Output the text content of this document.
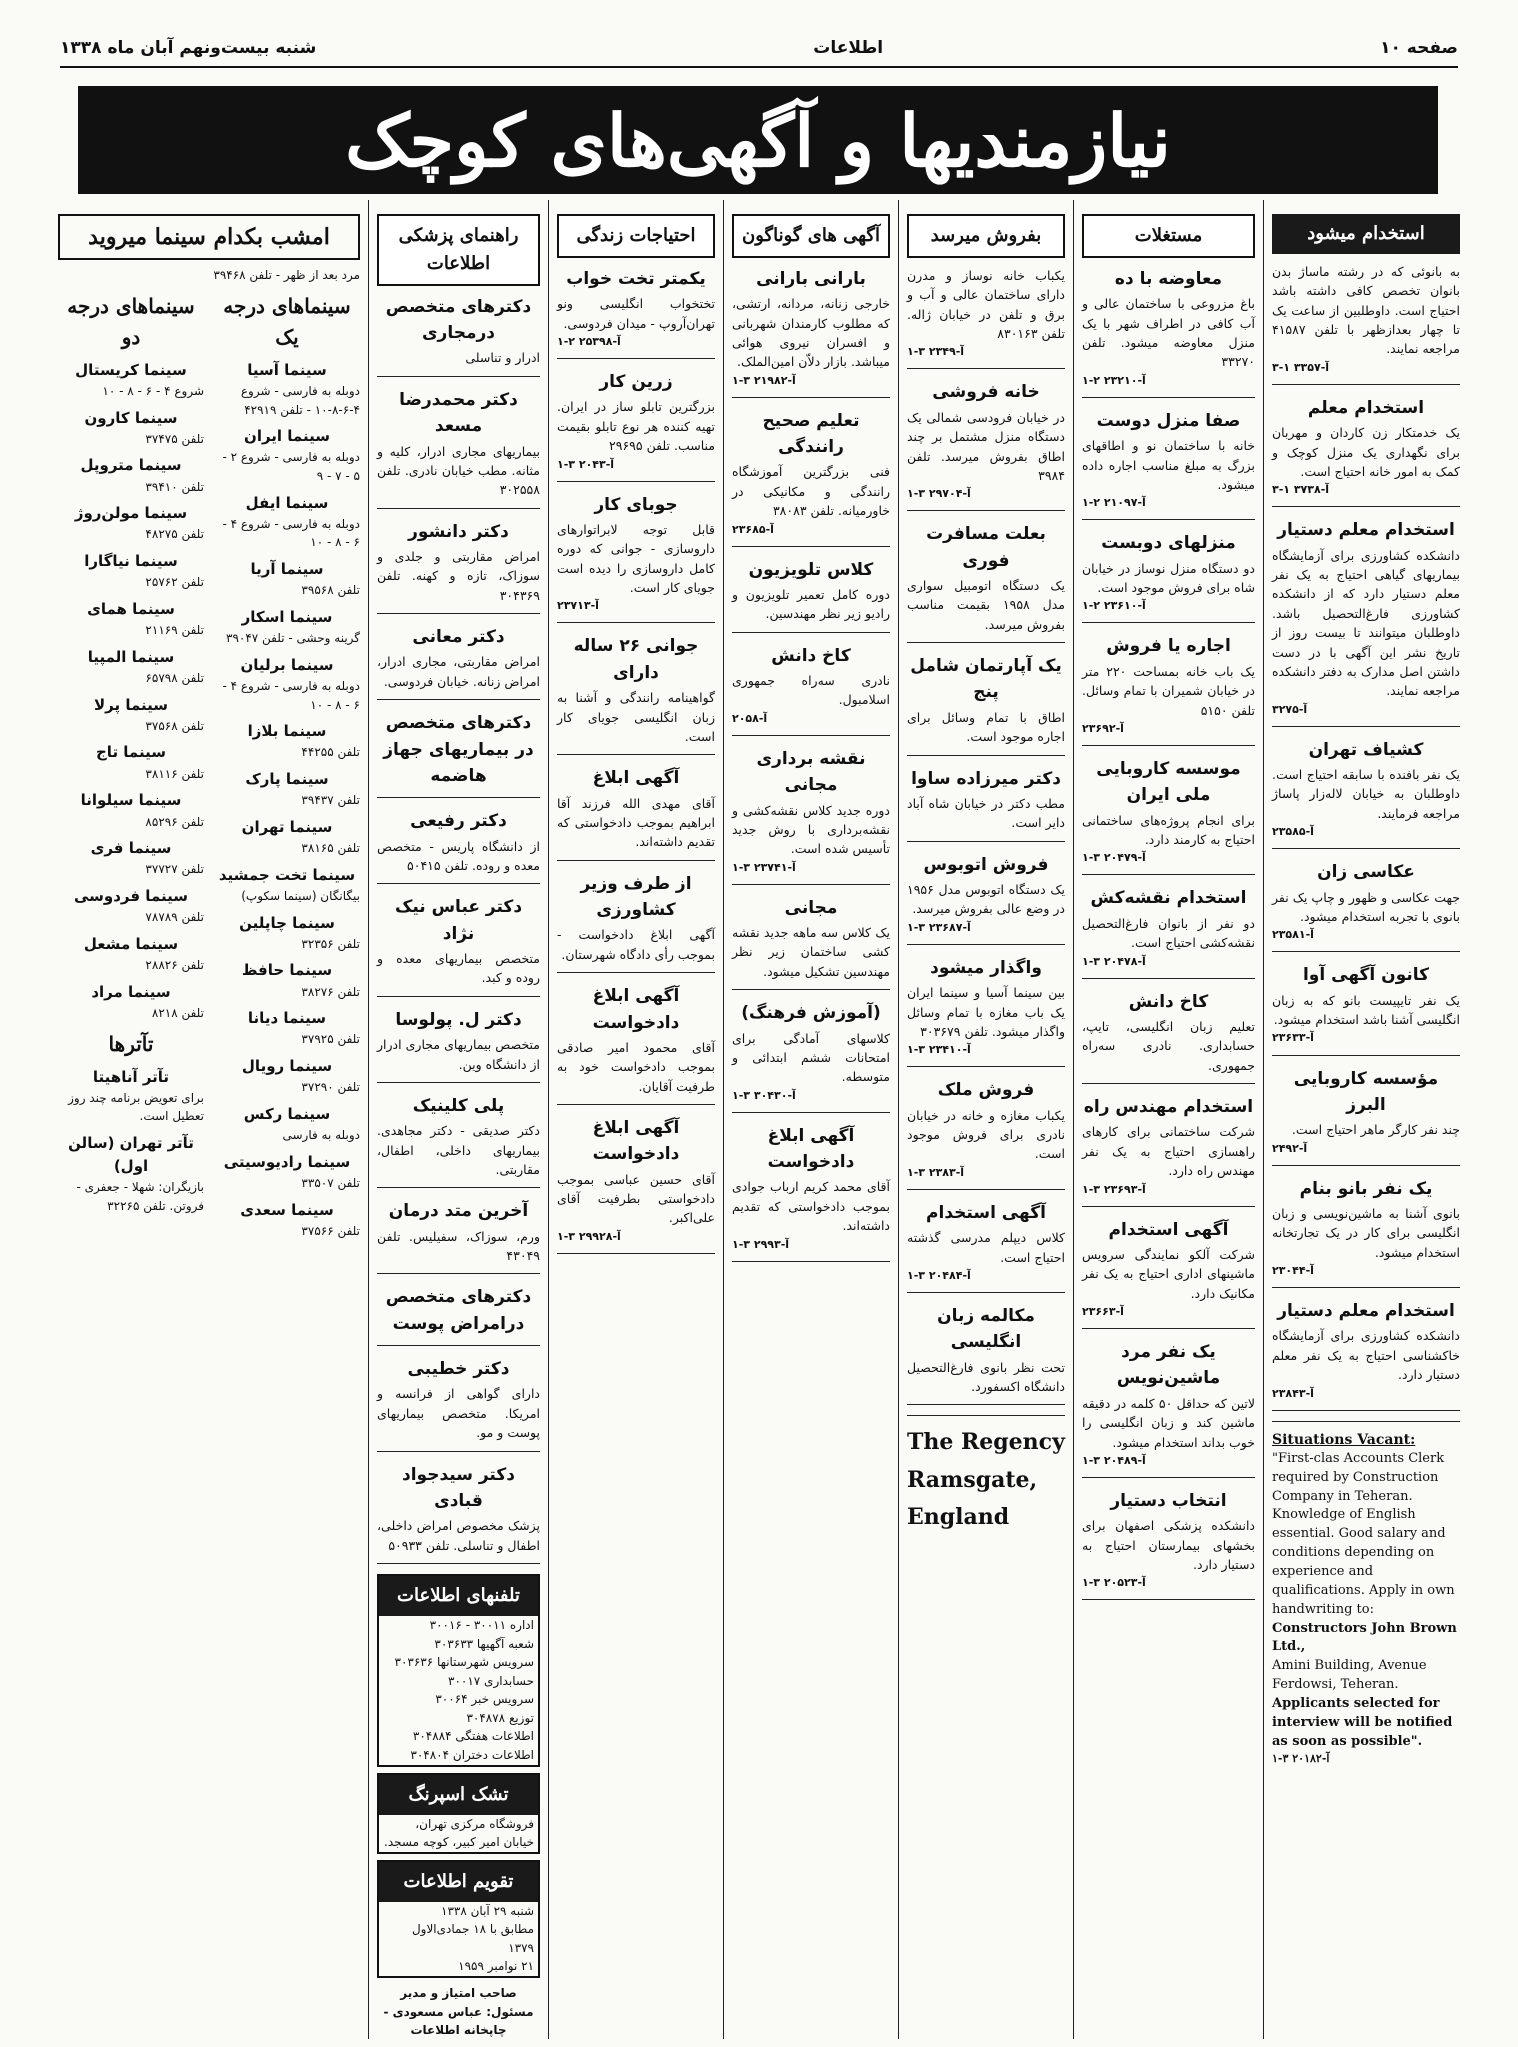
صفحه ۱۰
اطلاعات
شنبه بیست‌ونهم آبان ماه ۱۳۳۸
نیازمندیها و آگهی‌های کوچک
استخدام میشود
به بانوئی که در رشته ماساژ بدن بانوان تخصص کافی داشته باشد احتیاج است. داوطلبین از ساعت یک تا چهار بعدازظهر با تلفن ۴۱۵۸۷ مراجعه نمایند.
۳-۱ آ-۳۳۵۷
استخدام معلم
یک خدمتکار زن کاردان و مهربان برای نگهداری یک منزل کوچک و کمک به امور خانه احتیاج است.
۳-۱ آ-۳۷۳۸
استخدام معلم دستیار
دانشکده کشاورزی برای آزمایشگاه بیماریهای گیاهی احتیاج به یک نفر معلم دستیار دارد که از دانشکده کشاورزی فارغ‌التحصیل باشد. داوطلبان میتوانند تا بیست روز از تاریخ نشر این آگهی با در دست داشتن اصل مدارک به دفتر دانشکده مراجعه نمایند.
آ-۳۲۷۵
کشیاف تهران
یک نفر بافنده با سابقه احتیاج است. داوطلبان به خیابان لاله‌زار پاساژ مراجعه فرمایند.
آ-۲۳۵۸۵
عکاسی زان
جهت عکاسی و ظهور و چاپ یک نفر بانوی با تجربه استخدام میشود.
آ-۲۳۵۸۱
کانون آگهی آوا
یک نفر تایپیست بانو که به زبان انگلیسی آشنا باشد استخدام میشود.
آ-۲۳۶۳۳
مؤسسه کاروبایی البرز
چند نفر کارگر ماهر احتیاج است.
آ-۲۴۹۲
یک نفر بانو بنام
بانوی آشنا به ماشین‌نویسی و زبان انگلیسی برای کار در یک تجارتخانه استخدام میشود.
آ-۲۳۰۴۴
استخدام معلم دستیار
دانشکده کشاورزی برای آزمایشگاه خاکشناسی احتیاج به یک نفر معلم دستیار دارد.
آ-۲۳۸۴۳
Situations Vacant:
"First-clas Accounts Clerk required by Construction Company in Teheran. Knowledge of English essential. Good salary and conditions depending on experience and qualifications. Apply in own handwriting to:
Constructors John Brown Ltd.,
Amini Building, Avenue Ferdowsi, Teheran.
Applicants selected for interview will be notified as soon as possible".
آ-۲۰۱۸۲ ۳-۱
مستغلات
معاوضه با ده
باغ مزروعی با ساختمان عالی و آب کافی در اطراف شهر با یک منزل معاوضه میشود. تلفن ۳۳۲۷۰
آ-۲۳۲۱۰ ۲-۱
صفا منزل دوست
خانه با ساختمان نو و اطاقهای بزرگ به مبلغ مناسب اجاره داده میشود.
آ-۲۱۰۹۷ ۲-۱
منزلهای دوبست
دو دستگاه منزل نوساز در خیابان شاه برای فروش موجود است.
آ-۲۳۶۱۰ ۲-۱
اجاره یا فروش
یک باب خانه بمساحت ۲۲۰ متر در خیابان شمیران با تمام وسائل. تلفن ۵۱۵۰
آ-۲۳۶۹۲
موسسه کاروبایی ملی ایران
برای انجام پروژه‌های ساختمانی احتیاج به کارمند دارد.
آ-۲۰۴۷۹ ۳-۱
استخدام نقشه‌کش
دو نفر از بانوان فارغ‌التحصیل نقشه‌کشی احتیاج است.
آ-۲۰۴۷۸ ۳-۱
کاخ دانش
تعلیم زبان انگلیسی، تایپ، حسابداری. نادری سه‌راه جمهوری.
استخدام مهندس راه
شرکت ساختمانی برای کارهای راهسازی احتیاج به یک نفر مهندس راه دارد.
آ-۲۳۶۹۳ ۳-۱
آگهی استخدام
شرکت آلکو نمایندگی سرویس ماشینهای اداری احتیاج به یک نفر مکانیک دارد.
آ-۲۳۶۶۳
یک نفر مرد ماشین‌نویس
لاتین که حداقل ۵۰ کلمه در دقیقه ماشین کند و زبان انگلیسی را خوب بداند استخدام میشود.
آ-۲۰۴۸۹ ۳-۱
انتخاب دستیار
دانشکده پزشکی اصفهان برای بخشهای بیمارستان احتیاج به دستیار دارد.
آ-۲۰۵۲۳ ۳-۱
بفروش میرسد
یکباب خانه نوساز و مدرن دارای ساختمان عالی و آب و برق و تلفن در خیابان ژاله. تلفن ۸۳۰۱۶۳
آ-۲۳۴۹ ۳-۱
خانه فروشی
در خیابان فرودسی شمالی یک دستگاه منزل مشتمل بر چند اطاق بفروش میرسد. تلفن ۳۹۸۴
آ-۲۹۷۰۴ ۳-۱
بعلت مسافرت فوری
یک دستگاه اتومبیل سواری مدل ۱۹۵۸ بقیمت مناسب بفروش میرسد.
یک آپارتمان شامل پنج
اطاق با تمام وسائل برای اجاره موجود است.
دکتر میرزاده ساوا
مطب دکتر در خیابان شاه آباد دایر است.
فروش اتوبوس
یک دستگاه اتوبوس مدل ۱۹۵۶ در وضع عالی بفروش میرسد.
آ-۲۳۶۸۷ ۳-۱
واگذار میشود
بین سینما آسیا و سینما ایران یک باب مغازه با تمام وسائل واگذار میشود. تلفن ۳۰۳۶۷۹
آ-۲۳۴۱۰ ۳-۱
فروش ملک
یکباب مغازه و خانه در خیابان نادری برای فروش موجود است.
آ-۲۳۸۳ ۳-۱
آگهی استخدام
کلاس دیپلم مدرسی گذشته احتیاج است.
آ-۲۰۴۸۴ ۳-۱
مکالمه زبان انگلیسی
تحت نظر بانوی فارغ‌التحصیل دانشگاه اکسفورد.
The Regency
Ramsgate,
England
آگهی های گوناگون
بارانی بارانی
خارجی زنانه، مردانه، ارتشی، که مطلوب کارمندان شهربانی و افسران نیروی هوائی میباشد. بازار دلاّن امین‌الملک.
آ-۲۱۹۸۲ ۳-۱
تعلیم صحیح رانندگی
فنی بزرگترین آموزشگاه رانندگی و مکانیکی در خاورمیانه. تلفن ۳۸۰۸۳
آ-۲۳۶۸۵
کلاس تلویزیون
دوره کامل تعمیر تلویزیون و رادیو زیر نظر مهندسین.
کاخ دانش
نادری سه‌راه جمهوری اسلامبول.
آ-۲۰۵۸
نقشه برداری مجانی
دوره جدید کلاس نقشه‌کشی و نقشه‌برداری با روش جدید تأسیس شده است.
آ-۲۳۷۴۱ ۳-۱
مجانی
یک کلاس سه ماهه جدید نقشه کشی ساختمان زیر نظر مهندسین تشکیل میشود.
(آموزش فرهنگ)
کلاسهای آمادگی برای امتحانات ششم ابتدائی و متوسطه.
آ-۳۰۴۳۰ ۳-۱
آگهی ابلاغ دادخواست
آقای محمد کریم ارباب جوادی بموجب دادخواستی که تقدیم داشته‌اند.
آ-۲۹۹۳ ۳-۱
احتیاجات زندگی
یکمتر تخت خواب
تختخواب انگلیسی ونو تهران‌آروپ - میدان فردوسی.
آ-۲۵۳۹۸ ۲-۱
زرین کار
بزرگترین تابلو ساز در ایران. تهیه کننده هر نوع تابلو بقیمت مناسب. تلفن ۲۹۶۹۵
آ-۲۰۴۳ ۳-۱
جوبای کار
قابل توجه لابراتوارهای داروسازی - جوانی که دوره کامل داروسازی را دیده است جویای کار است.
آ-۲۳۷۱۳
جوانی ۲۶ ساله دارای
گواهینامه رانندگی و آشنا به زبان انگلیسی جویای کار است.
آگهی ابلاغ
آقای مهدی الله فرزند آقا ابراهیم بموجب دادخواستی که تقدیم داشته‌اند.
از طرف وزیر کشاورزی
آگهی ابلاغ دادخواست - بموجب رأی دادگاه شهرستان.
آگهی ابلاغ دادخواست
آقای محمود امیر صادقی بموجب دادخواست خود به طرفیت آقایان.
آگهی ابلاغ دادخواست
آقای حسین عباسی بموجب دادخواستی بطرفیت آقای علی‌اکبر.
آ-۲۹۹۲۸ ۳-۱
راهنمای پزشکی اطلاعات
دکترهای متخصص درمجاری
ادرار و تناسلی
دکتر محمدرضا مسعد
بیماریهای مجاری ادرار، کلیه و مثانه. مطب خیابان نادری. تلفن ۳۰۲۵۵۸
دکتر دانشور
امراض مقاربتی و جلدی و سوزاک، تازه و کهنه. تلفن ۳۰۴۳۶۹
دکتر معانی
امراض مقاربتی، مجاری ادرار، امراض زنانه. خیابان فردوسی.
دکترهای متخصص در بیماریهای جهاز هاضمه
دکتر رفیعی
از دانشگاه پاریس - متخصص معده و روده. تلفن ۵۰۴۱۵
دکتر عباس نیک نژاد
متخصص بیماریهای معده و روده و کبد.
دکتر ل. پولوسا
متخصص بیماریهای مجاری ادرار از دانشگاه وین.
پلی کلینیک
دکتر صدیقی - دکتر مجاهدی. بیماریهای داخلی، اطفال، مقاربتی.
آخرین متد درمان
ورم، سوزاک، سفیلیس. تلفن ۴۳۰۴۹
دکترهای متخصص درامراض پوست
دکتر خطیبی
دارای گواهی از فرانسه و امریکا. متخصص بیماریهای پوست و مو.
دکتر سیدجواد قبادی
پزشک مخصوص امراض داخلی، اطفال و تناسلی. تلفن ۵۰۹۳۳
تلفنهای اطلاعات
اداره ۳۰۰۱۱ - ۳۰۰۱۶
شعبه آگهیها ۳۰۳۶۳۳
سرویس شهرستانها ۳۰۳۶۳۶
حسابداری ۳۰۰۱۷
سرویس خبر ۳۰۰۶۴
توزیع ۳۰۴۸۷۸
اطلاعات هفتگی ۳۰۴۸۸۴
اطلاعات دختران ۳۰۴۸۰۴
تشک اسپرنگ
فروشگاه مرکزی تهران، خیابان امیر کبیر، کوچه مسجد.
تقویم اطلاعات
شنبه ۲۹ آبان ۱۳۳۸
مطابق با ۱۸ جمادی‌الاول ۱۳۷۹
۲۱ نوامبر ۱۹۵۹
صاحب امتیاز و مدیر مسئول: عباس مسعودی - چاپخانه اطلاعات
امشب بکدام سینما میروید
مرد بعد از ظهر - تلفن ۳۹۴۶۸
سینماهای درجه یک
سینما آسیا
دوبله به فارسی - شروع ۴-۶-۸-۱۰ - تلفن ۴۲۹۱۹
سینما ایران
دوبله به فارسی - شروع ۲ - ۵ - ۷ - ۹
سینما ایفل
دوبله به فارسی - شروع ۴ - ۶ - ۸ - ۱۰
سینما آریا
تلفن ۳۹۵۶۸
سینما اسکار
گرینه وحشی - تلفن ۳۹۰۴۷
سینما برلیان
دوبله به فارسی - شروع ۴ - ۶ - ۸ - ۱۰
سینما بلازا
تلفن ۴۴۲۵۵
سینما پارک
تلفن ۳۹۴۳۷
سینما تهران
تلفن ۳۸۱۶۵
سینما تخت جمشید
بیگانگان (سینما سکوپ)
سینما چاپلین
تلفن ۳۲۳۵۶
سینما حافظ
تلفن ۳۸۲۷۶
سینما دیانا
تلفن ۳۷۹۲۵
سینما رویال
تلفن ۳۷۲۹۰
سینما رکس
دوبله به فارسی
سینما رادیوسیتی
تلفن ۳۳۵۰۷
سینما سعدی
تلفن ۳۷۵۶۶
سینماهای درجه دو
سینما کریستال
شروع ۴ - ۶ - ۸ - ۱۰
سینما کارون
تلفن ۳۷۴۷۵
سینما متروپل
تلفن ۳۹۴۱۰
سینما مولن‌روژ
تلفن ۴۸۲۷۵
سینما نیاگارا
تلفن ۲۵۷۶۲
سینما همای
تلفن ۲۱۱۶۹
سینما المپیا
تلفن ۶۵۷۹۸
سینما پرلا
تلفن ۳۷۵۶۸
سینما تاج
تلفن ۳۸۱۱۶
سینما سیلوانا
تلفن ۸۵۲۹۶
سینما فری
تلفن ۳۷۷۲۷
سینما فردوسی
تلفن ۷۸۷۸۹
سینما مشعل
تلفن ۲۸۸۲۶
سینما مراد
تلفن ۸۲۱۸
تآترها
تآتر آناهیتا
برای تعویض برنامه چند روز تعطیل است.
تآتر تهران (سالن اول)
بازیگران: شهلا - جعفری - فروتن. تلفن ۳۲۲۶۵
